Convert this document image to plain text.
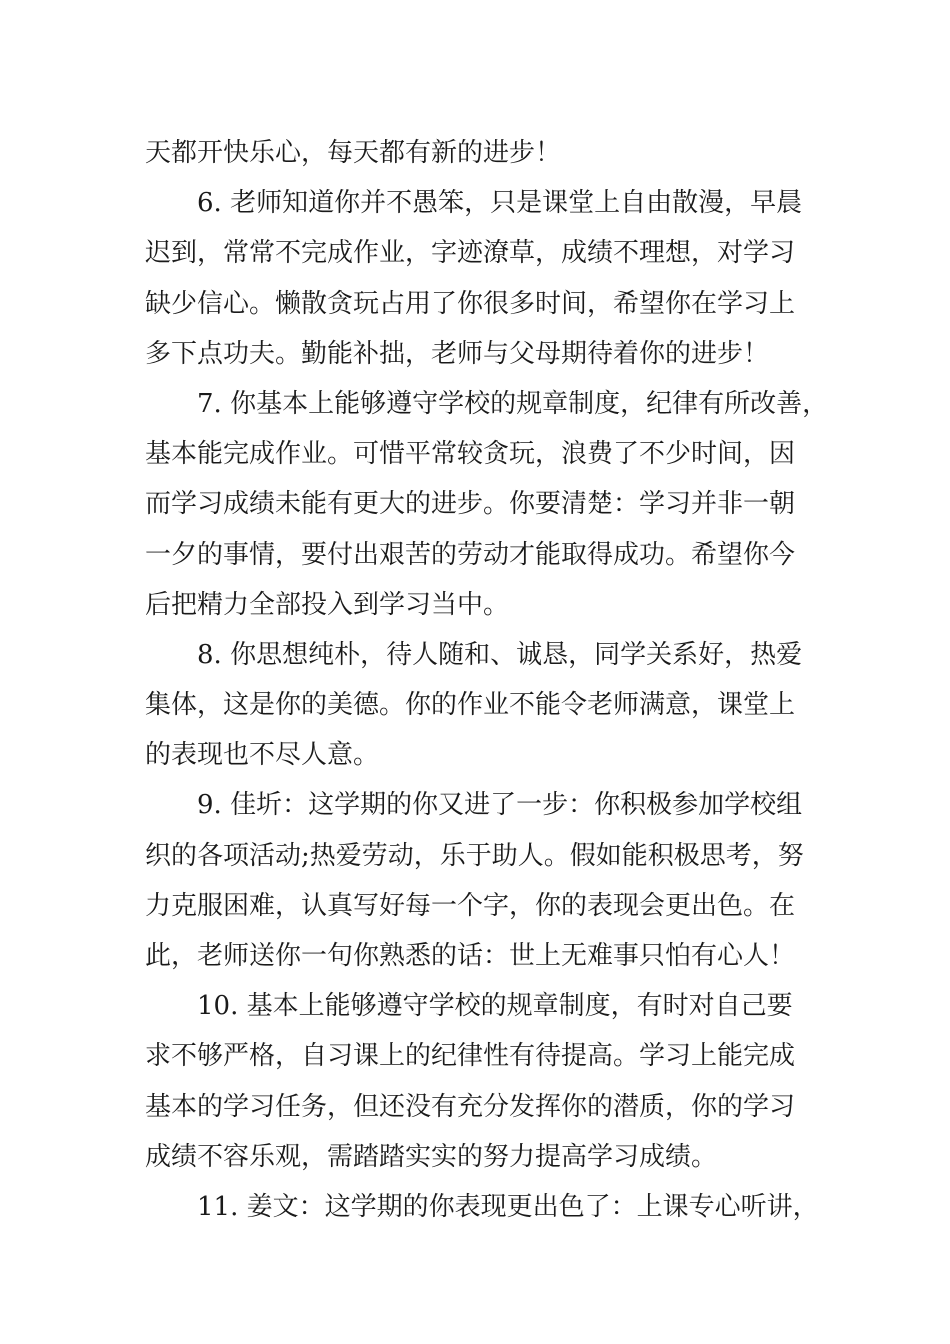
天都开快乐心，每天都有新的进步！
6. 老师知道你并不愚笨，只是课堂上自由散漫，早晨
迟到，常常不完成作业，字迹潦草，成绩不理想，对学习
缺少信心。懒散贪玩占用了你很多时间，希望你在学习上
多下点功夫。勤能补拙，老师与父母期待着你的进步！
7. 你基本上能够遵守学校的规章制度，纪律有所改善，
基本能完成作业。可惜平常较贪玩，浪费了不少时间，因
而学习成绩未能有更大的进步。你要清楚：学习并非一朝
一夕的事情，要付出艰苦的劳动才能取得成功。希望你今
后把精力全部投入到学习当中。
8. 你思想纯朴，待人随和、诚恳，同学关系好，热爱
集体，这是你的美德。你的作业不能令老师满意，课堂上
的表现也不尽人意。
9. 佳圻：这学期的你又进了一步：你积极参加学校组
织的各项活动;热爱劳动，乐于助人。假如能积极思考，努
力克服困难，认真写好每一个字，你的表现会更出色。在
此，老师送你一句你熟悉的话：世上无难事只怕有心人！
10. 基本上能够遵守学校的规章制度，有时对自己要
求不够严格，自习课上的纪律性有待提高。学习上能完成
基本的学习任务，但还没有充分发挥你的潜质，你的学习
成绩不容乐观，需踏踏实实的努力提高学习成绩。
11. 姜文：这学期的你表现更出色了：上课专心听讲，
